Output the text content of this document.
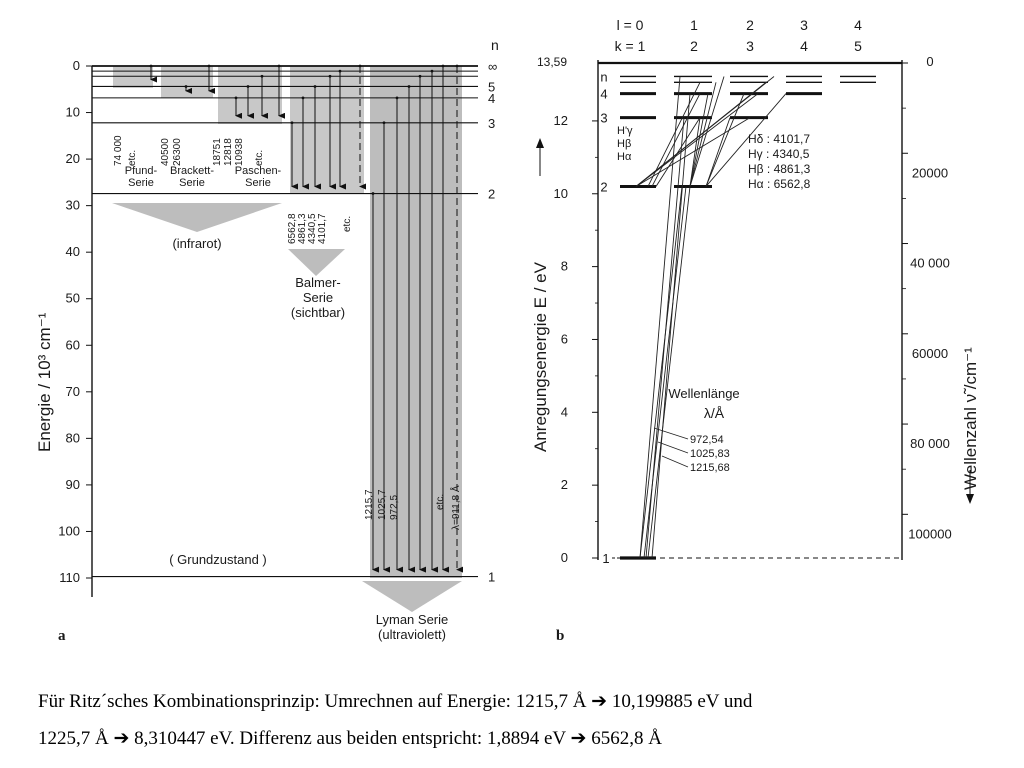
0
10
20
30
40
50
60
70
80
90
100
110
∞
5
4
3
2
1
n
Energie / 10³ cm⁻¹
a
(infrarot)
( Grundzustand )
Pfund-Serie
Brackett-Serie
Paschen-Serie
Balmer-Serie (sichtbar)
Lyman Serie (ultraviolett)
74 000 etc. 40500 26300	18751 12818 10938 etc.
6562,8 4861,3 4340,5 4101,7 etc.
1215,7 1025,7 972,5	etc. λ=911,8 Å
0
2
4
6
8
10
12
0
20000
40 000
60000
80 000
100000
n
4
3
2
1
l = 0	1	2	3	4
k = 1	2	3	4	5
13,59
Anregungsenergie E / eV	Wellenzahl ν̃ /cm⁻¹
b
Hδ : 4101,7
Hγ : 4340,5
Hβ : 4861,3
Hα : 6562,8
H'γ
Hβ
Hα
Wellenlänge
λ/Å
972,54
1025,83
1215,68

Für Ritz´sches Kombinationsprinzip: Umrechnen auf Energie: 1215,7 Å ➔ 10,199885 eV und

1225,7 Å ➔ 8,310447 eV. Differenz aus beiden entspricht: 1,8894 eV ➔ 6562,8 Å
